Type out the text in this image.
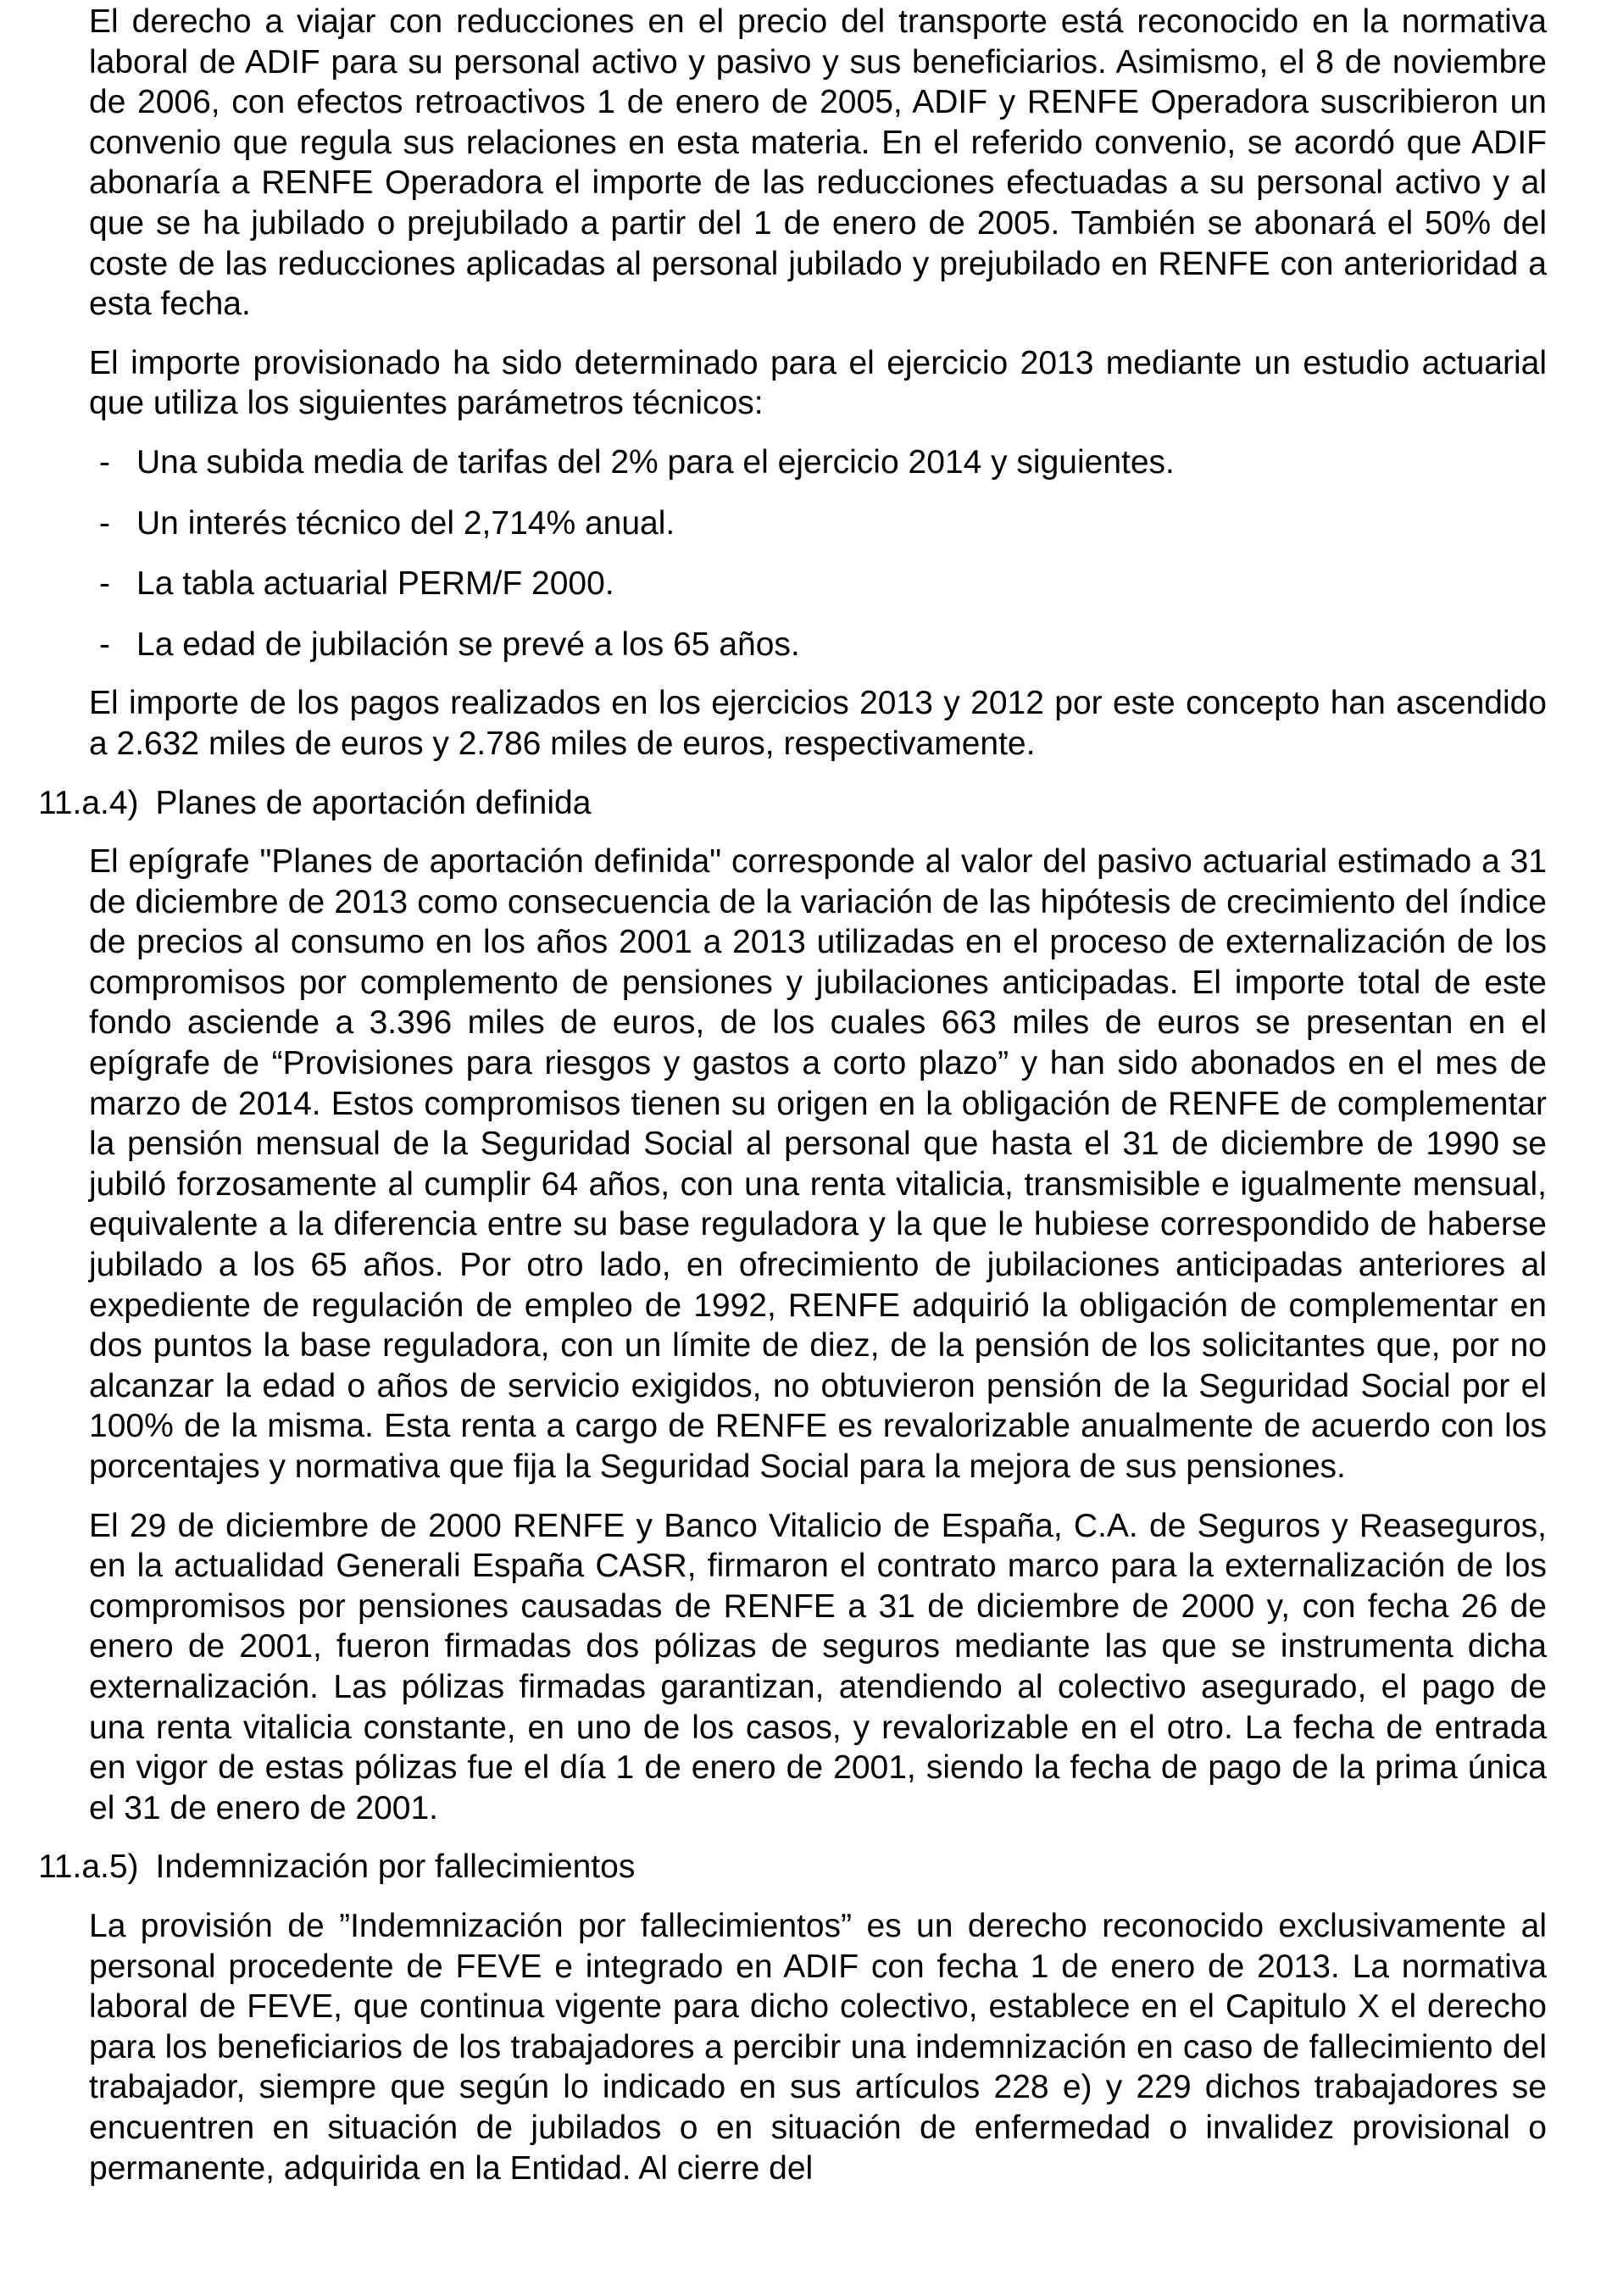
El derecho a viajar con reducciones en el precio del transporte está reconocido en la normativa laboral de ADIF para su personal activo y pasivo y sus beneficiarios. Asimismo, el 8 de noviembre de 2006, con efectos retroactivos 1 de enero de 2005, ADIF y RENFE Operadora suscribieron un convenio que regula sus relaciones en esta materia. En el referido convenio, se acordó que ADIF abonaría a RENFE Operadora el importe de las reducciones efectuadas a su personal activo y al que se ha jubilado o prejubilado a partir del 1 de enero de 2005. También se abonará el 50% del coste de las reducciones aplicadas al personal jubilado y prejubilado en RENFE con anterioridad a esta fecha.

El importe provisionado ha sido determinado para el ejercicio 2013 mediante un estudio actuarial que utiliza los siguientes parámetros técnicos:

- Una subida media de tarifas del 2% para el ejercicio 2014 y siguientes.
- Un interés técnico del 2,714% anual.
- La tabla actuarial PERM/F 2000.
- La edad de jubilación se prevé a los 65 años.

El importe de los pagos realizados en los ejercicios 2013 y 2012 por este concepto han ascendido a 2.632 miles de euros y 2.786 miles de euros, respectivamente.

11.a.4) Planes de aportación definida

El epígrafe "Planes de aportación definida" corresponde al valor del pasivo actuarial estimado a 31 de diciembre de 2013 como consecuencia de la variación de las hipótesis de crecimiento del índice de precios al consumo en los años 2001 a 2013 utilizadas en el proceso de externalización de los compromisos por complemento de pensiones y jubilaciones anticipadas. El importe total de este fondo asciende a 3.396 miles de euros, de los cuales 663 miles de euros se presentan en el epígrafe de “Provisiones para riesgos y gastos a corto plazo” y han sido abonados en el mes de marzo de 2014. Estos compromisos tienen su origen en la obligación de RENFE de complementar la pensión mensual de la Seguridad Social al personal que hasta el 31 de diciembre de 1990 se jubiló forzosamente al cumplir 64 años, con una renta vitalicia, transmisible e igualmente mensual, equivalente a la diferencia entre su base reguladora y la que le hubiese correspondido de haberse jubilado a los 65 años. Por otro lado, en ofrecimiento de jubilaciones anticipadas anteriores al expediente de regulación de empleo de 1992, RENFE adquirió la obligación de complementar en dos puntos la base reguladora, con un límite de diez, de la pensión de los solicitantes que, por no alcanzar la edad o años de servicio exigidos, no obtuvieron pensión de la Seguridad Social por el 100% de la misma. Esta renta a cargo de RENFE es revalorizable anualmente de acuerdo con los porcentajes y normativa que fija la Seguridad Social para la mejora de sus pensiones.

El 29 de diciembre de 2000 RENFE y Banco Vitalicio de España, C.A. de Seguros y Reaseguros, en la actualidad Generali España CASR, firmaron el contrato marco para la externalización de los compromisos por pensiones causadas de RENFE a 31 de diciembre de 2000 y, con fecha 26 de enero de 2001, fueron firmadas dos pólizas de seguros mediante las que se instrumenta dicha externalización. Las pólizas firmadas garantizan, atendiendo al colectivo asegurado, el pago de una renta vitalicia constante, en uno de los casos, y revalorizable en el otro. La fecha de entrada en vigor de estas pólizas fue el día 1 de enero de 2001, siendo la fecha de pago de la prima única el 31 de enero de 2001.

11.a.5) Indemnización por fallecimientos

La provisión de ”Indemnización por fallecimientos” es un derecho reconocido exclusivamente al personal procedente de FEVE e integrado en ADIF con fecha 1 de enero de 2013. La normativa laboral de FEVE, que continua vigente para dicho colectivo, establece en el Capitulo X el derecho para los beneficiarios de los trabajadores a percibir una indemnización en caso de fallecimiento del trabajador, siempre que según lo indicado en sus artículos 228 e) y 229 dichos trabajadores se encuentren en situación de jubilados o en situación de enfermedad o invalidez provisional o permanente, adquirida en la Entidad. Al cierre del
